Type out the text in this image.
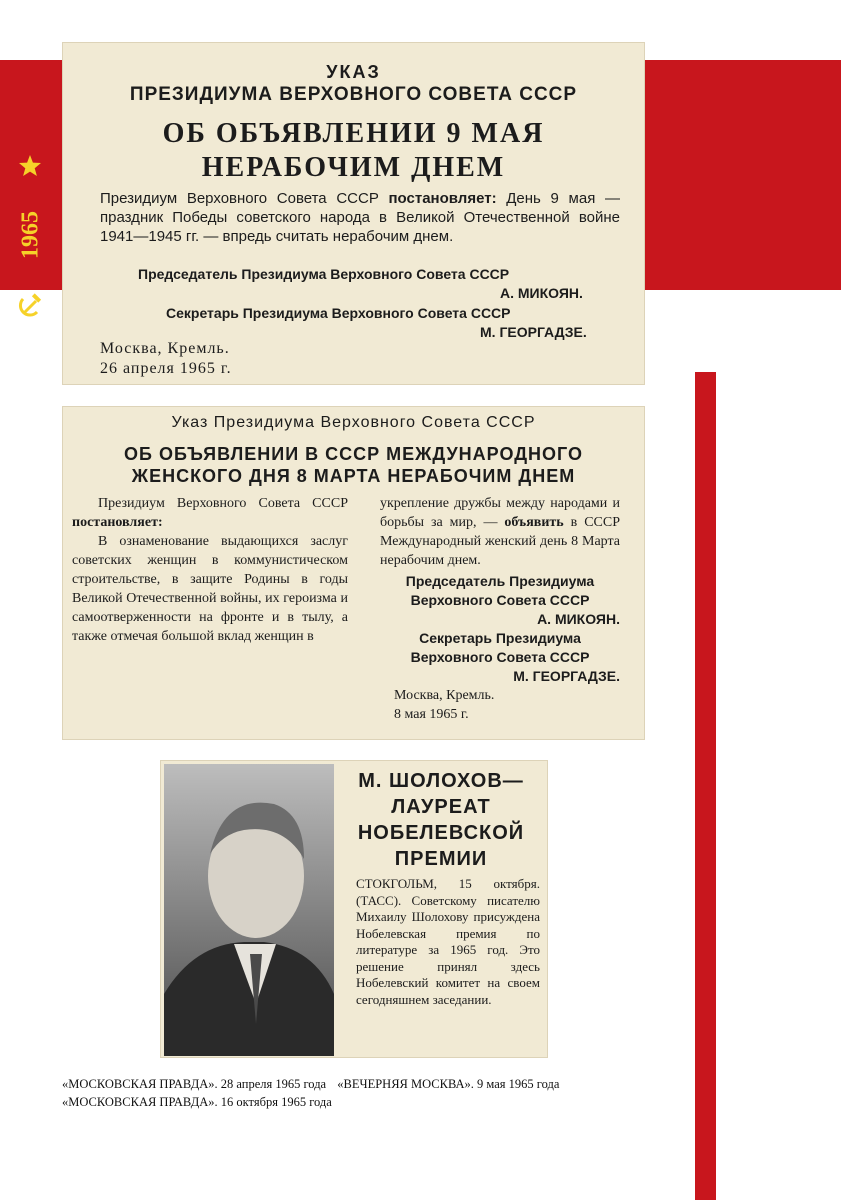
1965
УКАЗ
ПРЕЗИДИУМА ВЕРХОВНОГО СОВЕТА СССР
ОБ ОБЪЯВЛЕНИИ 9 МАЯ
НЕРАБОЧИМ ДНЕМ
Президиум Верховного Совета СССР постановляет: День 9 мая — праздник Победы советского народа в Великой Отечественной войне 1941—1945 гг. — впредь считать нерабочим днем.
Председатель Президиума Верховного Совета СССР
А. МИКОЯН.
Секретарь Президиума Верховного Совета СССР
М. ГЕОРГАДЗЕ.
Москва, Кремль.
26 апреля 1965 г.
Указ Президиума Верховного Совета СССР
ОБ ОБЪЯВЛЕНИИ В СССР МЕЖДУНАРОДНОГО
ЖЕНСКОГО ДНЯ 8 МАРТА НЕРАБОЧИМ ДНЕМ
Президиум Верховного Совета СССР постановляет:
В ознаменование выдающихся заслуг советских женщин в коммунистическом строительстве, в защите Родины в годы Великой Отечественной войны, их героизма и самоотверженности на фронте и в тылу, а также отмечая большой вклад женщин в
укрепление дружбы между народами и борьбы за мир, — объявить в СССР Международный женский день 8 Марта нерабочим днем.
Председатель Президиума Верховного Совета СССР
А. МИКОЯН.
Секретарь Президиума Верховного Совета СССР
М. ГЕОРГАДЗЕ.
Москва, Кремль.
8 мая 1965 г.
М. ШОЛОХОВ—
ЛАУРЕАТ
НОБЕЛЕВСКОЙ
ПРЕМИИ
СТОКГОЛЬМ, 15 октября. (ТАСС). Советскому писателю Михаилу Шолохову присуждена Нобелевская премия по литературе за 1965 год. Это решение принял здесь Нобелевский комитет на своем сегодняшнем заседании.
«МОСКОВСКАЯ ПРАВДА». 28 апреля 1965 года «ВЕЧЕРНЯЯ МОСКВА». 9 мая 1965 года
«МОСКОВСКАЯ ПРАВДА». 16 октября 1965 года
